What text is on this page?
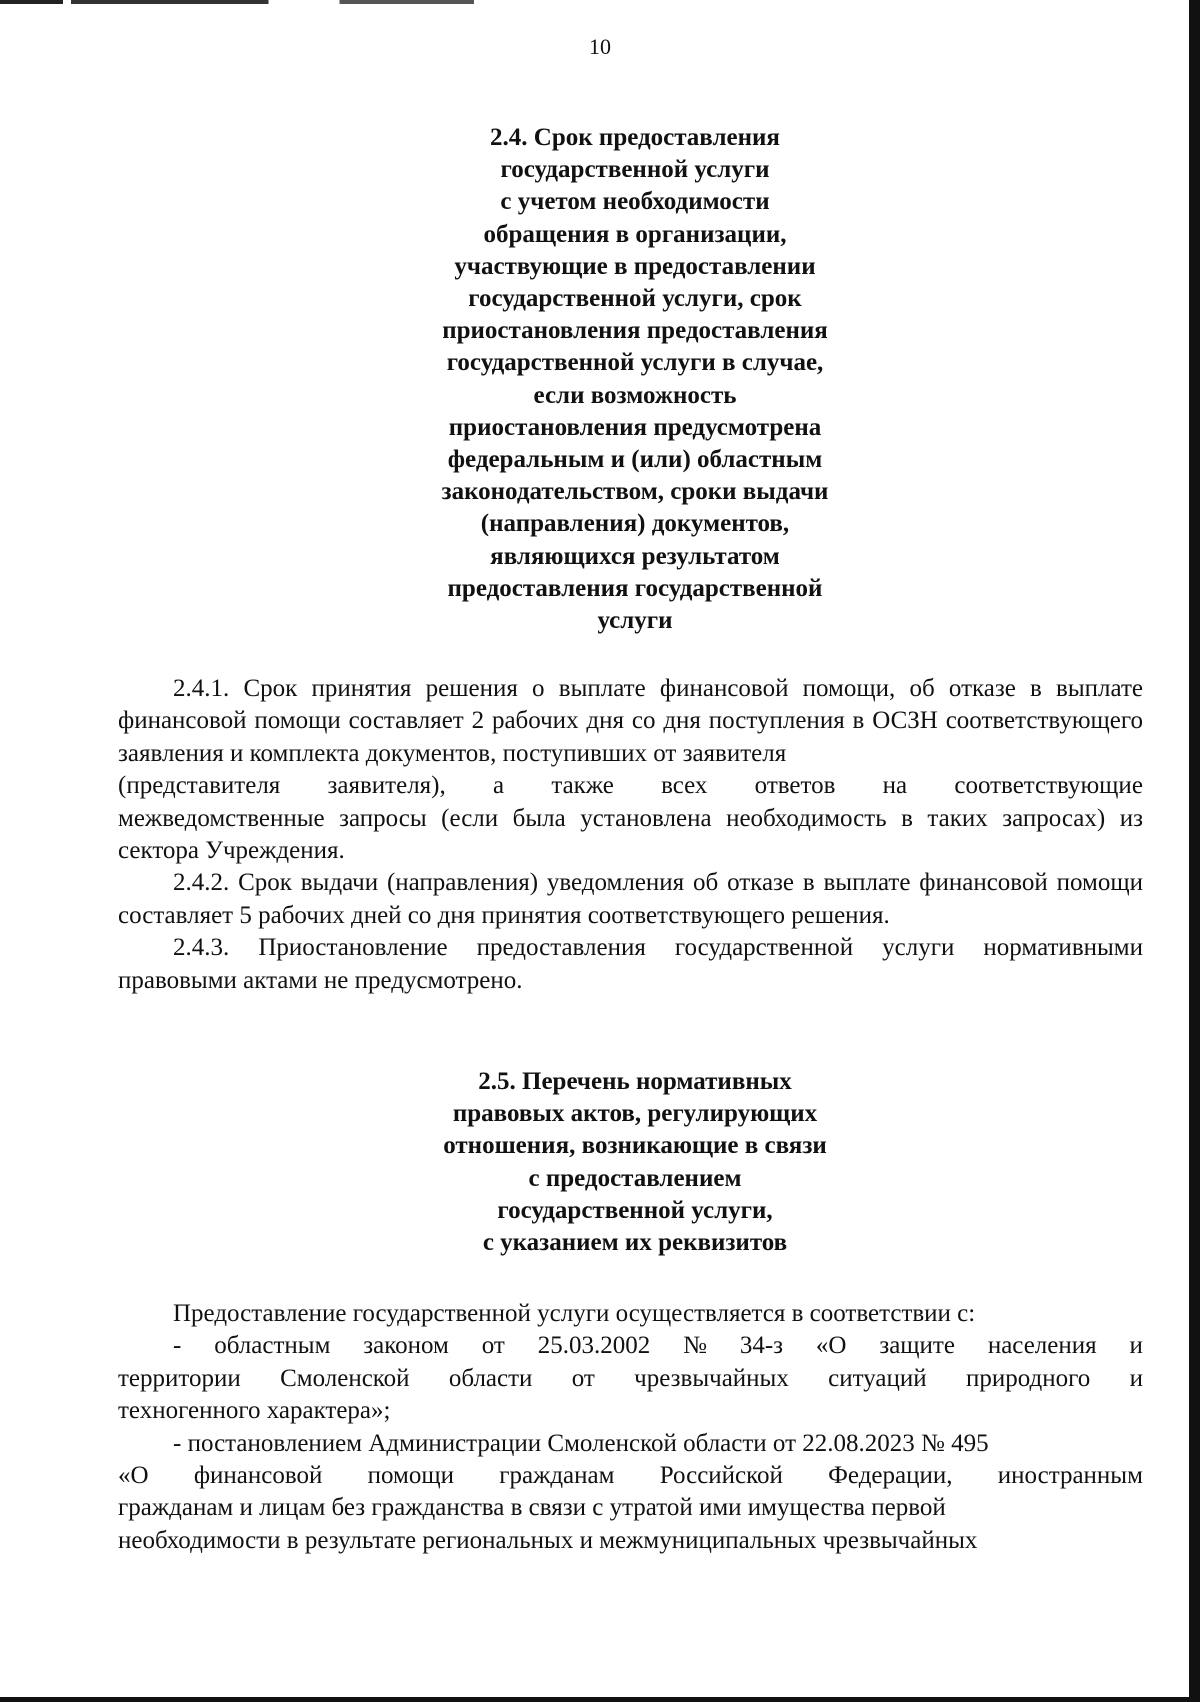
10
2.4. Срок предоставления
государственной услуги
с учетом необходимости
обращения в организации,
участвующие в предоставлении
государственной услуги, срок
приостановления предоставления
государственной услуги в случае,
если возможность
приостановления предусмотрена
федеральным и (или) областным
законодательством, сроки выдачи
(направления) документов,
являющихся результатом
предоставления государственной
услуги

2.4.1. Срок принятия решения о выплате финансовой помощи, об отказе в выплате финансовой помощи составляет 2 рабочих дня со дня поступления в ОСЗН соответствующего заявления и комплекта документов, поступивших от заявителя

(представителя заявителя), а также всех ответов на соответствующие

межведомственные запросы (если была установлена необходимость в таких запросах) из сектора Учреждения.

2.4.2. Срок выдачи (направления) уведомления об отказе в выплате финансовой помощи составляет 5 рабочих дней со дня принятия соответствующего решения.

2.4.3. Приостановление предоставления государственной услуги нормативными правовыми актами не предусмотрено.

2.5. Перечень нормативных
правовых актов, регулирующих
отношения, возникающие в связи
с предоставлением
государственной услуги,
с указанием их реквизитов

Предоставление государственной услуги осуществляется в соответствии с:

- областным законом от 25.03.2002 № 34-з «О защите населения и
территории Смоленской области от чрезвычайных ситуаций природного и

техногенного характера»;

- постановлением Администрации Смоленской области от 22.08.2023 № 495

«О финансовой помощи гражданам Российской Федерации, иностранным

гражданам и лицам без гражданства в связи с утратой ими имущества первой
необходимости в результате региональных и межмуниципальных чрезвычайных
